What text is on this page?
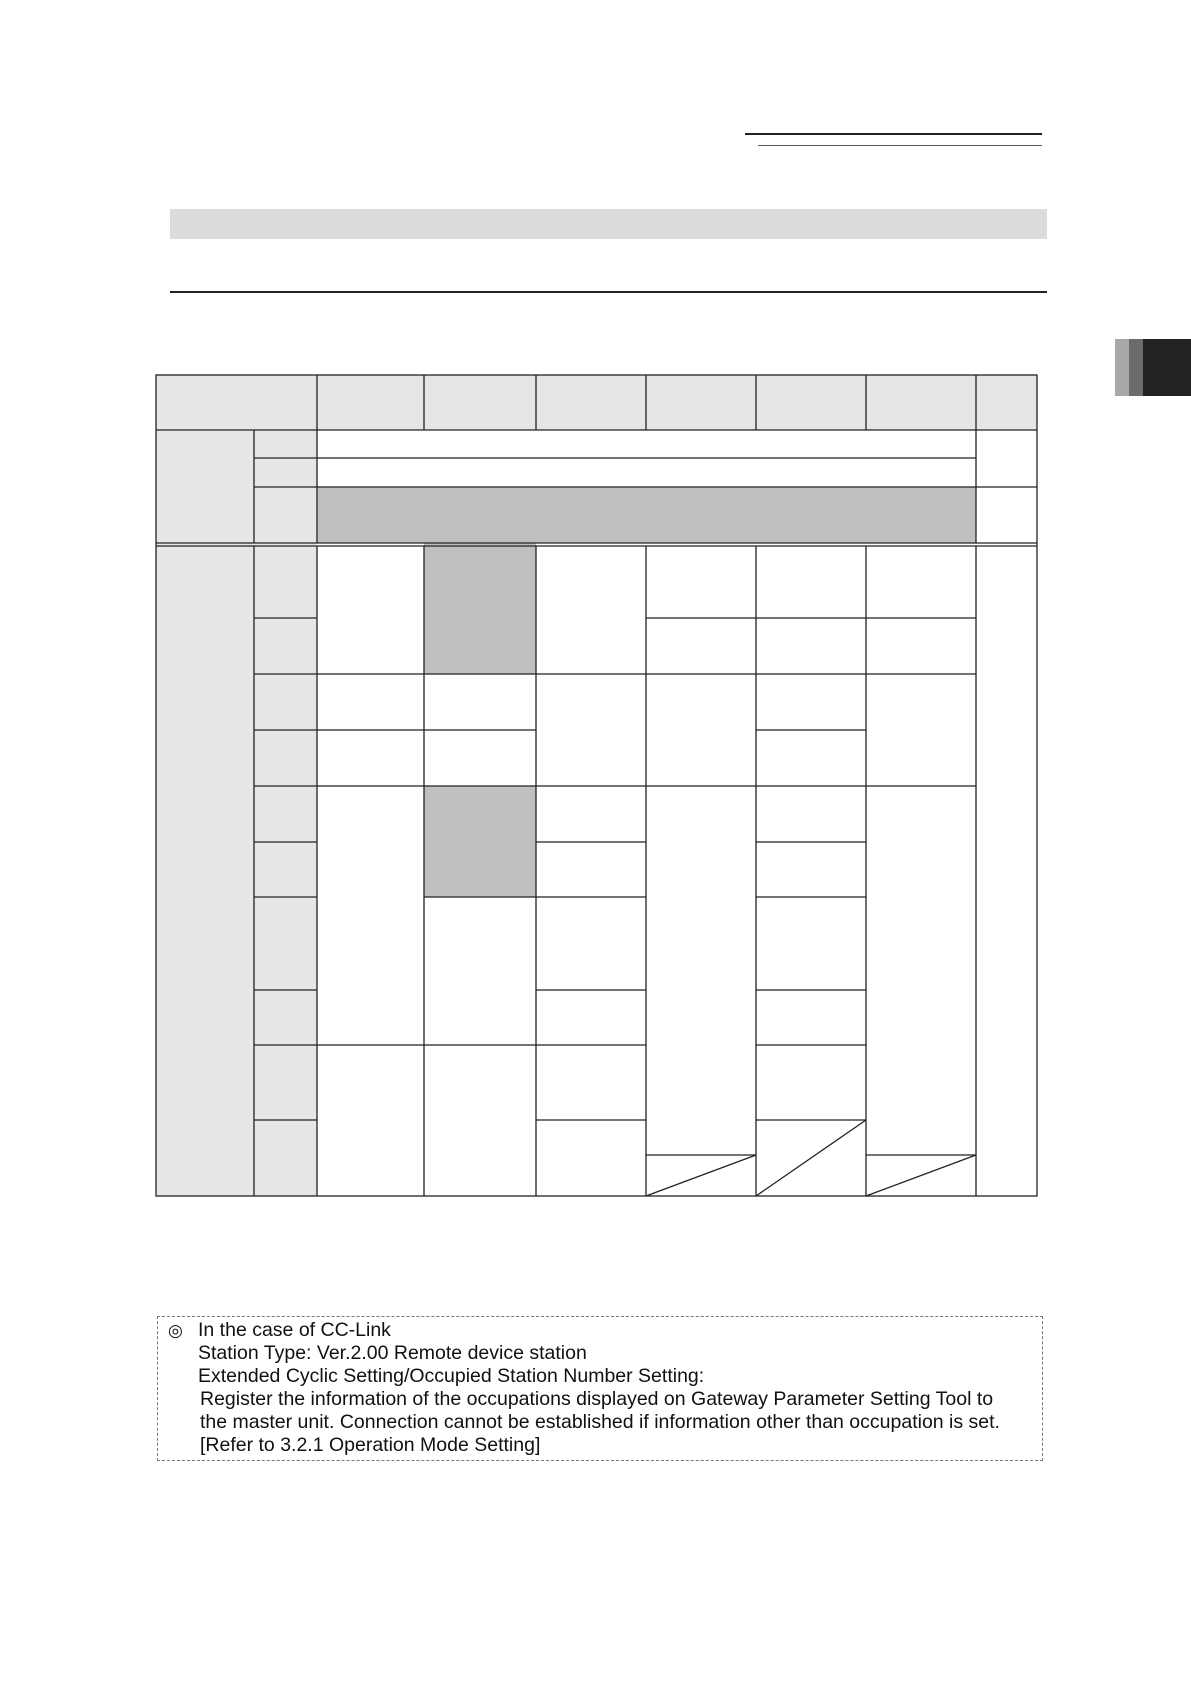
◎ In the case of CC-Link
Station Type: Ver.2.00 Remote device station
Extended Cyclic Setting/Occupied Station Number Setting:
Register the information of the occupations displayed on Gateway Parameter Setting Tool to
the master unit. Connection cannot be established if information other than occupation is set.
[Refer to 3.2.1 Operation Mode Setting]
